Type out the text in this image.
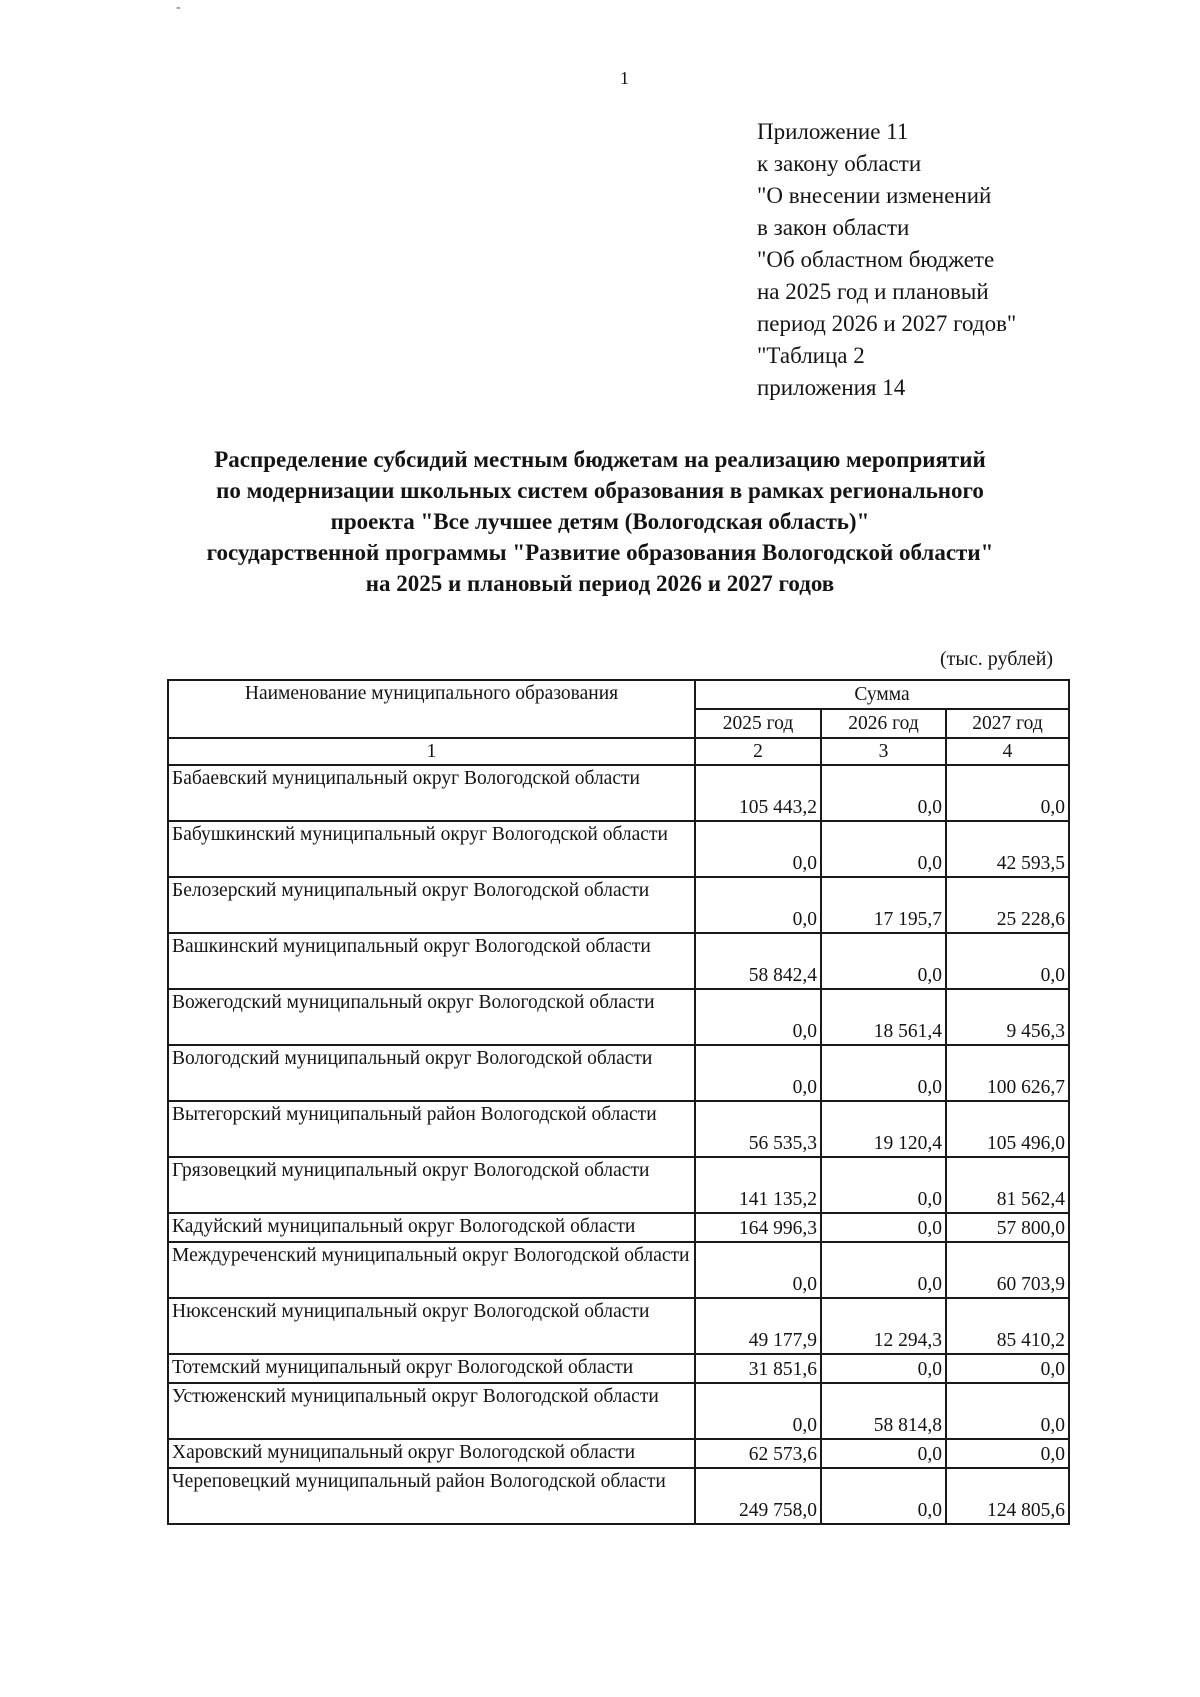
-
1
Приложение 11
к закону области
"О внесении изменений
в закон области
"Об областном бюджете
на 2025 год и плановый
период 2026 и 2027 годов"
"Таблица 2
приложения 14
Распределение субсидий местным бюджетам на реализацию мероприятий
по модернизации школьных систем образования в рамках регионального
проекта "Все лучшее детям (Вологодская область)"
государственной программы "Развитие образования Вологодской области"
на 2025 и плановый период 2026 и 2027 годов
(тыс. рублей)
Наименование муниципального образования	Сумма		
	2025 год	2026 год	2027 год
1	2	3	4
Бабаевский муниципальный округ Вологодской области	105 443,2	0,0	0,0
Бабушкинский муниципальный округ Вологодской области	0,0	0,0	42 593,5
Белозерский муниципальный округ Вологодской области	0,0	17 195,7	25 228,6
Вашкинский муниципальный округ Вологодской области	58 842,4	0,0	0,0
Вожегодский муниципальный округ Вологодской области	0,0	18 561,4	9 456,3
Вологодский муниципальный округ Вологодской области	0,0	0,0	100 626,7
Вытегорский муниципальный район Вологодской области	56 535,3	19 120,4	105 496,0
Грязовецкий муниципальный округ Вологодской области	141 135,2	0,0	81 562,4
Кадуйский муниципальный округ Вологодской области	164 996,3	0,0	57 800,0
Междуреченский муниципальный округ Вологодской области	0,0	0,0	60 703,9
Нюксенский муниципальный округ Вологодской области	49 177,9	12 294,3	85 410,2
Тотемский муниципальный округ Вологодской области	31 851,6	0,0	0,0
Устюженский муниципальный округ Вологодской области	0,0	58 814,8	0,0
Харовский муниципальный округ Вологодской области	62 573,6	0,0	0,0
Череповецкий муниципальный район Вологодской области	249 758,0	0,0	124 805,6
